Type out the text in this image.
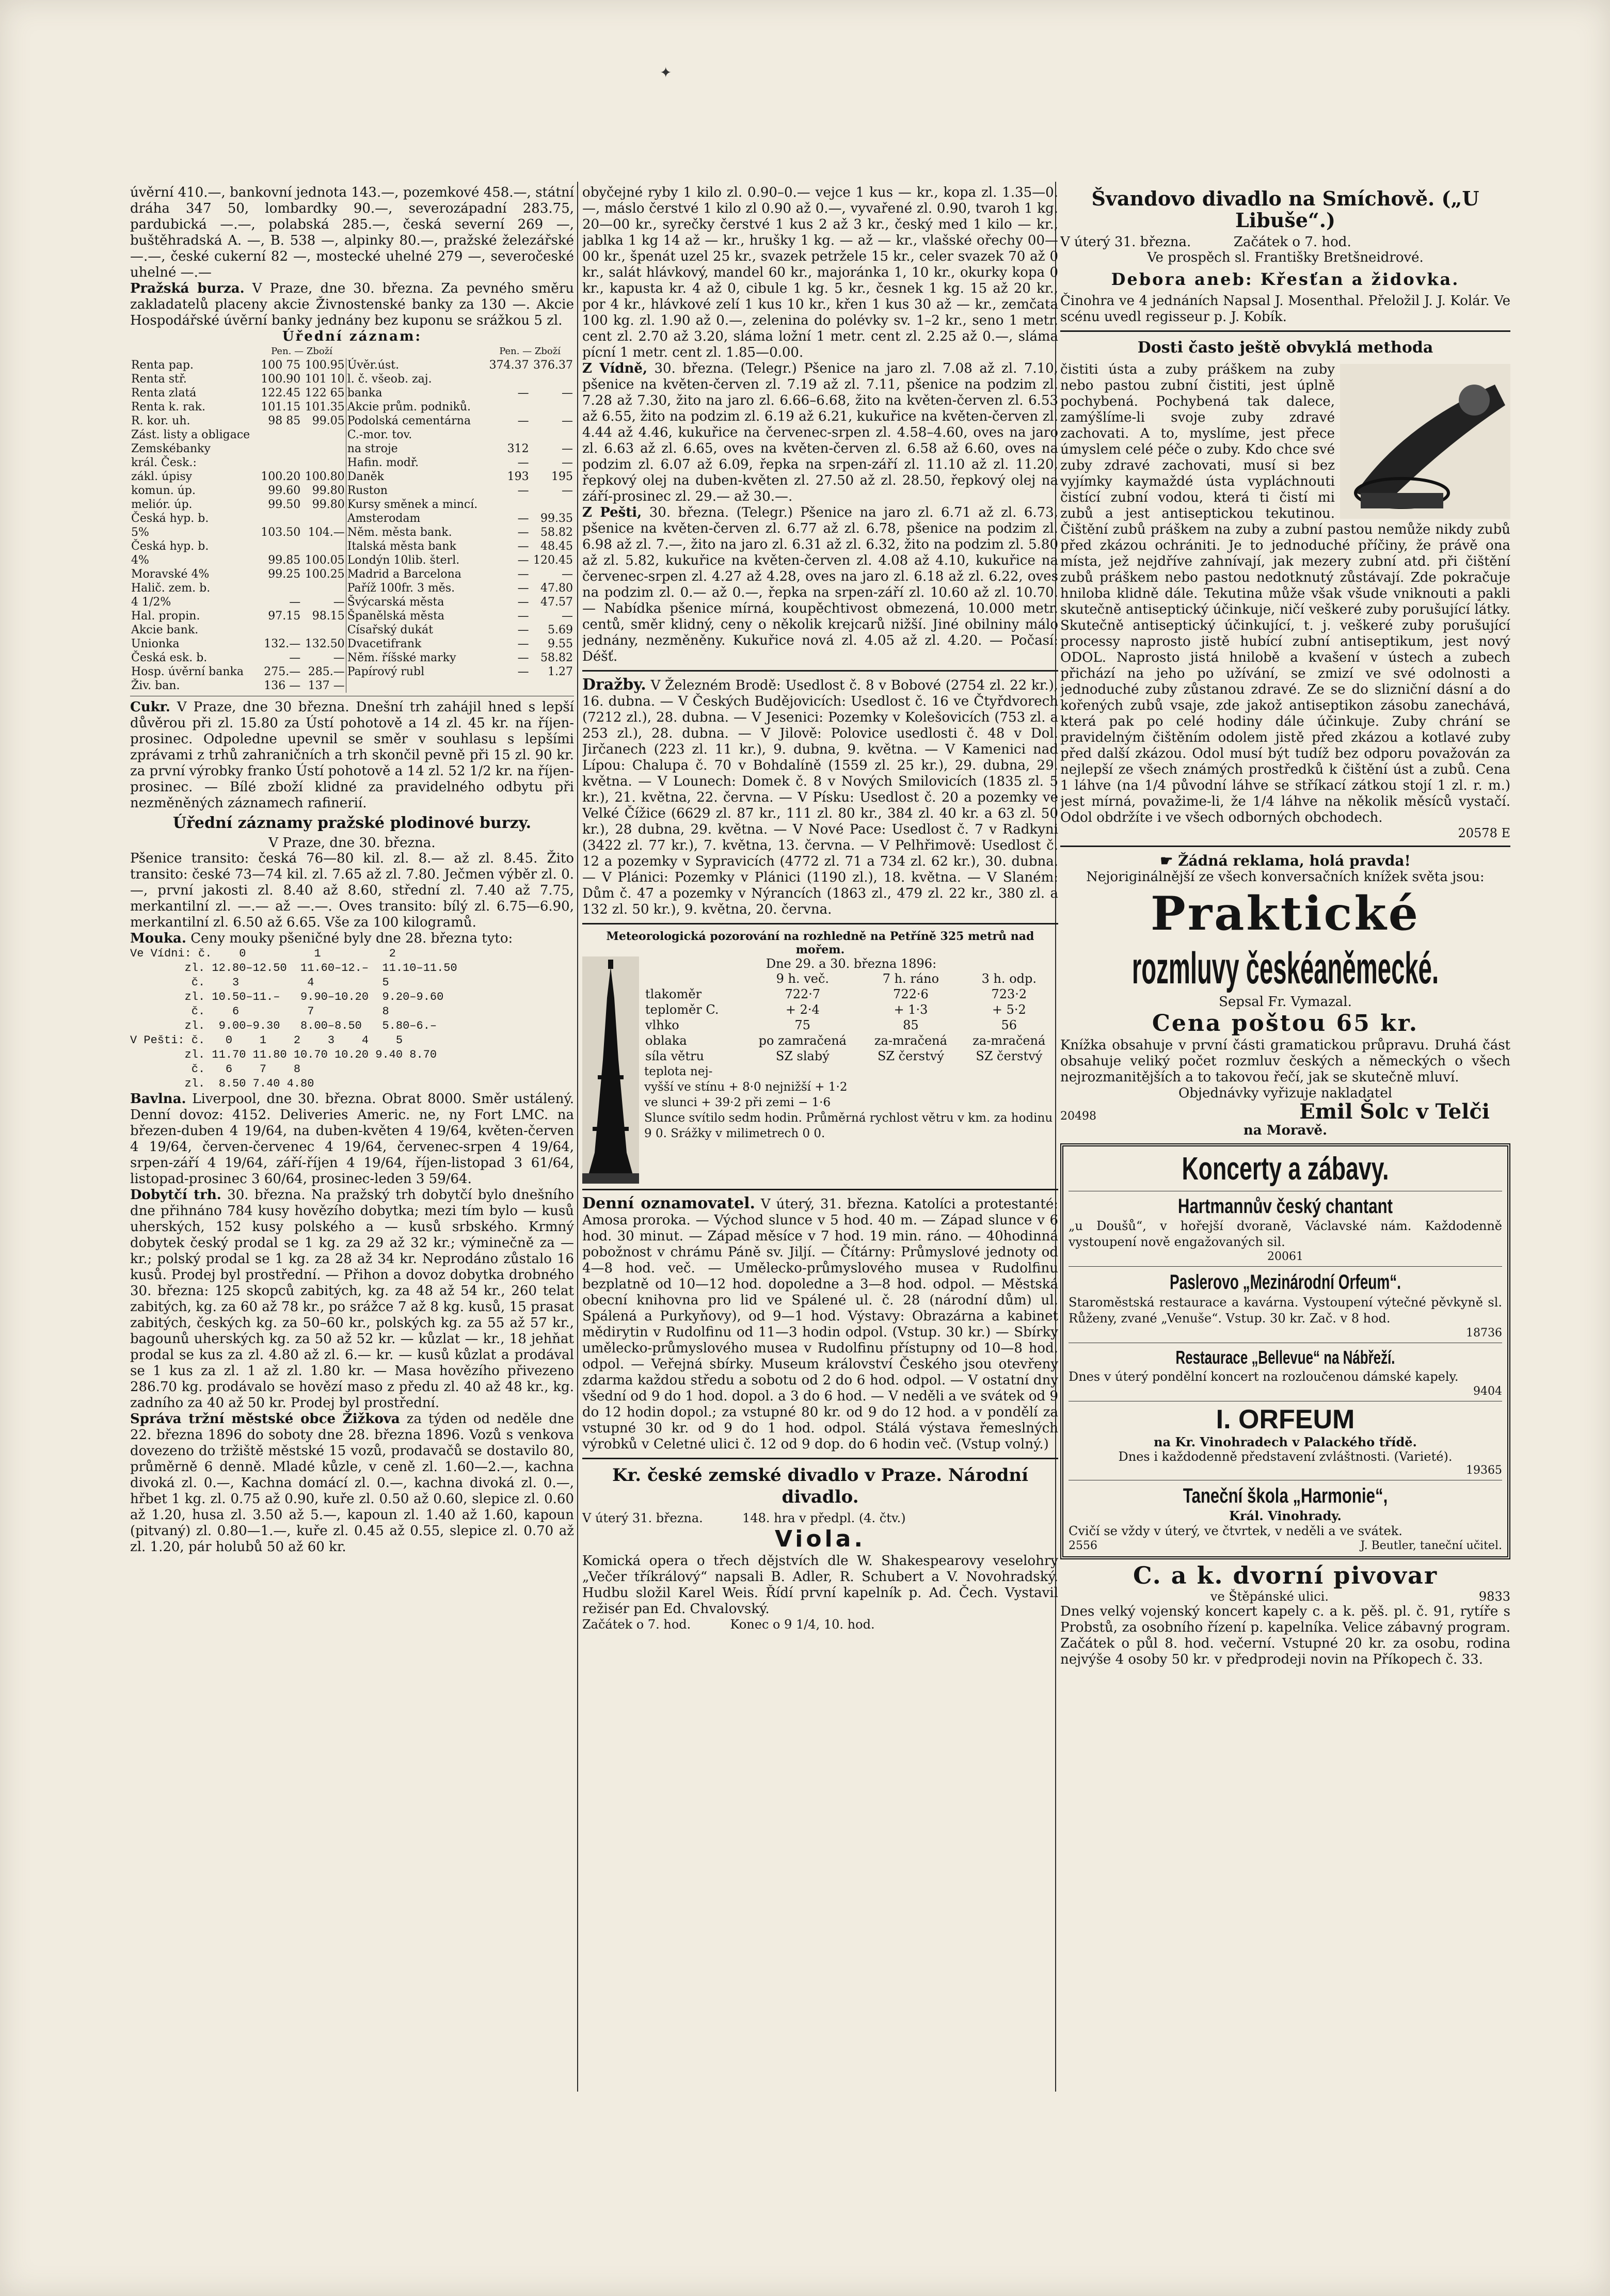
✦

úvěrní 410.—, bankovní jednota 143.—, pozemkové 458.—, státní dráha 347 50, lombardky 90.—, severozápadní 283.75, pardubická —.—, polabská 285.—, česká severní 269 —, buštěhradská A. —, B. 538 —, alpinky 80.—, pražské železářské —.—, české cukerní 82 —, mostecké uhelné 279 —, severočeské uhelné —.—

Pražská burza. V Praze, dne 30. března. Za pevného směru zakladatelů placeny akcie Živnostenské banky za 130 —. Akcie Hospodářské úvěrní banky jednány bez kuponu se srážkou 5 zl.

Úřední záznam:
	Pen. — Zboží			Pen. — Zboží	
Renta pap.	100 75	100.95	Úvěr.úst.	374.37	376.37
Renta stř.	100.90	101 10	l. č. všeob. zaj.		
Renta zlatá	122.45	122 65	banka	—	—
Renta k. rak.	101.15	101.35	Akcie prům. podniků.		
R. kor. uh.	98 85	99.05	Podolská cementárna	—	—
Zást. listy a obligace			C.-mor. tov.		
Zemskébanky			na stroje	312	—
král. Česk.:			Hafin. modř.	—	—
zákl. úpisy	100.20	100.80	Daněk	193	195
komun. úp.	99.60	99.80	Ruston	—	—
meliór. úp.	99.50	99.80	Kursy směnek a mincí.		
Česká hyp. b.			Amsterodam	—	99.35
5%	103.50	104.—	Něm. města bank.	—	58.82
Česká hyp. b.			Italská města bank	—	48.45
4%	99.85	100.05	Londýn 10lib. šterl.	—	120.45
Moravské 4%	99.25	100.25	Madrid a Barcelona	—	—
Halič. zem. b.			Paříž 100fr. 3 měs.	—	47.80
4 1/2%	—	—	Švýcarská města	—	47.57
Hal. propin.	97.15	98.15	Španělská města	—	—
Akcie bank.			Císařský dukát	—	5.69
Unionka	132.—	132.50	Dvacetifrank	—	9.55
Česká esk. b.	—	—	Něm. říšské marky	—	58.82
Hosp. úvěrní banka	275.—	285.—	Papírový rubl	—	1.27
Živ. ban.	136 —	137 —			

Cukr. V Praze, dne 30 března. Dnešní trh zahájil hned s lepší důvěrou při zl. 15.80 za Ústí pohotově a 14 zl. 45 kr. na říjen-prosinec. Odpoledne upevnil se směr v souhlasu s lepšími zprávami z trhů zahraničních a trh skončil pevně při 15 zl. 90 kr. za první výrobky franko Ústí pohotově a 14 zl. 52 1/2 kr. na říjen-prosinec. — Bílé zboží klidné za pravidelného odbytu při nezměněných záznamech rafinerií.

Úřední záznamy pražské plodinové burzy.
V Praze, dne 30. března.

Pšenice transito: česká 76—80 kil. zl. 8.— až zl. 8.45. Žito transito: české 73—74 kil. zl. 7.65 až zl. 7.80. Ječmen výběr zl. 0.—, první jakosti zl. 8.40 až 8.60, střední zl. 7.40 až 7.75, merkantilní zl. —.— až —.—. Oves transito: bílý zl. 6.75—6.90, merkantilní zl. 6.50 až 6.65. Vše za 100 kilogramů.

Mouka. Ceny mouky pšeničné byly dne 28. března tyto:

Ve Vídni: č.    0          1          2
zl. 12.80–12.50  11.60–12.–  11.10–11.50
č.    3          4          5
zl. 10.50–11.–   9.90–10.20  9.20–9.60
č.    6          7          8
zl.  9.00–9.30   8.00–8.50   5.80–6.–
V Pešti: č.   0    1    2    3    4    5
zl. 11.70 11.80 10.70 10.20 9.40 8.70
č.   6    7    8
zl.  8.50 7.40 4.80

Bavlna. Liverpool, dne 30. března. Obrat 8000. Směr ustálený. Denní dovoz: 4152. Deliveries Americ. ne, ny Fort LMC. na březen-duben 4 19/64, na duben-květen 4 19/64, květen-červen 4 19/64, červen-červenec 4 19/64, červenec-srpen 4 19/64, srpen-září 4 19/64, září-říjen 4 19/64, říjen-listopad 3 61/64, listopad-prosinec 3 60/64, prosinec-leden 3 59/64.

Dobytčí trh. 30. března. Na pražský trh dobytčí bylo dnešního dne přihnáno 784 kusy hovězího dobytka; mezi tím bylo — kusů uherských, 152 kusy polského a — kusů srbského. Krmný dobytek český prodal se 1 kg. za 29 až 32 kr.; výminečně za — kr.; polský prodal se 1 kg. za 28 až 34 kr. Neprodáno zůstalo 16 kusů. Prodej byl prostřední. — Přihon a dovoz dobytka drobného 30. března: 125 skopců zabitých, kg. za 48 až 54 kr., 260 telat zabitých, kg. za 60 až 78 kr., po srážce 7 až 8 kg. kusů, 15 prasat zabitých, českých kg. za 50–60 kr., polských kg. za 55 až 57 kr., bagounů uherských kg. za 50 až 52 kr. — kůzlat — kr., 18 jehňat prodal se kus za zl. 4.80 až zl. 6.— kr. — kusů kůzlat a prodával se 1 kus za zl. 1 až zl. 1.80 kr. — Masa hovězího přivezeno 286.70 kg. prodávalo se hovězí maso z předu zl. 40 až 48 kr., kg. zadního za 40 až 50 kr. Prodej byl prostřední.

Správa tržní městské obce Žižkova za týden od neděle dne 22. března 1896 do soboty dne 28. března 1896. Vozů s venkova dovezeno do tržiště městské 15 vozů, prodavačů se dostavilo 80, průměrně 6 denně. Mladé kůzle, v ceně zl. 1.60—2.—, kachna divoká zl. 0.—, Kachna domácí zl. 0.—, kachna divoká zl. 0.—, hřbet 1 kg. zl. 0.75 až 0.90, kuře zl. 0.50 až 0.60, slepice zl. 0.60 až 1.20, husa zl. 3.50 až 5.—, kapoun zl. 1.40 až 1.60, kapoun (pitvaný) zl. 0.80—1.—, kuře zl. 0.45 až 0.55, slepice zl. 0.70 až zl. 1.20, pár holubů 50 až 60 kr.

obyčejné ryby 1 kilo zl. 0.90–0.— vejce 1 kus — kr., kopa zl. 1.35—0.—, máslo čerstvé 1 kilo zl 0.90 až 0.—, vyvařené zl. 0.90, tvaroh 1 kg. 20—00 kr., syrečky čerstvé 1 kus 2 až 3 kr., český med 1 kilo — kr., jablka 1 kg 14 až — kr., hrušky 1 kg. — až — kr., vlašské ořechy 00—00 kr., špenát uzel 25 kr., svazek petržele 15 kr., celer svazek 70 až 0 kr., salát hlávkový, mandel 60 kr., majoránka 1, 10 kr., okurky kopa 0 kr., kapusta kr. 4 až 0, cibule 1 kg. 5 kr., česnek 1 kg. 15 až 20 kr., por 4 kr., hlávkové zelí 1 kus 10 kr., křen 1 kus 30 až — kr., zemčata 100 kg. zl. 1.90 až 0.—, zelenina do polévky sv. 1–2 kr., seno 1 metr. cent zl. 2.70 až 3.20, sláma ložní 1 metr. cent zl. 2.25 až 0.—, sláma pícní 1 metr. cent zl. 1.85—0.00.

Z Vídně, 30. března. (Telegr.) Pšenice na jaro zl. 7.08 až zl. 7.10, pšenice na květen-červen zl. 7.19 až zl. 7.11, pšenice na podzim zl. 7.28 až 7.30, žito na jaro zl. 6.66–6.68, žito na květen-červen zl. 6.53 až 6.55, žito na podzim zl. 6.19 až 6.21, kukuřice na květen-červen zl. 4.44 až 4.46, kukuřice na červenec-srpen zl. 4.58–4.60, oves na jaro zl. 6.63 až zl. 6.65, oves na květen-červen zl. 6.58 až 6.60, oves na podzim zl. 6.07 až 6.09, řepka na srpen-září zl. 11.10 až zl. 11.20, řepkový olej na duben-květen zl. 27.50 až zl. 28.50, řepkový olej na září-prosinec zl. 29.— až 30.—.

Z Pešti, 30. března. (Telegr.) Pšenice na jaro zl. 6.71 až zl. 6.73, pšenice na květen-červen zl. 6.77 až zl. 6.78, pšenice na podzim zl. 6.98 až zl. 7.—, žito na jaro zl. 6.31 až zl. 6.32, žito na podzim zl. 5.80 až zl. 5.82, kukuřice na květen-červen zl. 4.08 až 4.10, kukuřice na červenec-srpen zl. 4.27 až 4.28, oves na jaro zl. 6.18 až zl. 6.22, oves na podzim zl. 0.— až 0.—, řepka na srpen-září zl. 10.60 až zl. 10.70. — Nabídka pšenice mírná, koupěchtivost obmezená, 10.000 metr. centů, směr klidný, ceny o několik krejcarů nižší. Jiné obilniny málo jednány, nezměněny. Kukuřice nová zl. 4.05 až zl. 4.20. — Počasí: Déšť.

Dražby. V Železném Brodě: Usedlost č. 8 v Bobové (2754 zl. 22 kr.), 16. dubna. — V Českých Budějovicích: Usedlost č. 16 ve Čtyřdvorech (7212 zl.), 28. dubna. — V Jesenici: Pozemky v Kolešovicích (753 zl. a 253 zl.), 28. dubna. — V Jilově: Polovice usedlosti č. 48 v Dol. Jirčanech (223 zl. 11 kr.), 9. dubna, 9. května. — V Kamenici nad Lípou: Chalupa č. 70 v Bohdalíně (1559 zl. 25 kr.), 29. dubna, 29. května. — V Lounech: Domek č. 8 v Nových Smilovicích (1835 zl. 5 kr.), 21. května, 22. června. — V Písku: Usedlost č. 20 a pozemky ve Velké Čížice (6629 zl. 87 kr., 111 zl. 80 kr., 384 zl. 40 kr. a 63 zl. 50 kr.), 28 dubna, 29. května. — V Nové Pace: Usedlost č. 7 v Radkyni (3422 zl. 77 kr.), 7. května, 13. června. — V Pelhřimově: Usedlost č. 12 a pozemky v Sypravicích (4772 zl. 71 a 734 zl. 62 kr.), 30. dubna. — V Plánici: Pozemky v Plánici (1190 zl.), 18. května. — V Slaném: Dům č. 47 a pozemky v Nýrancích (1863 zl., 479 zl. 22 kr., 380 zl. a 132 zl. 50 kr.), 9. května, 20. června.

Meteorologická pozorování na rozhledně na Petříně 325 metrů nad mořem.
Dne 29. a 30. března 1896:
	9 h. več.	7 h. ráno	3 h. odp.
tlakoměr	722·7	722·6	723·2
teploměr C.	+ 2·4	+ 1·3	+ 5·2
vlhko	75	85	56
oblaka	po zamračená	za-mračená	za-mračená
síla větru	SZ slabý	SZ čerstvý	SZ čerstvý
teplota nej-
vyšší ve stínu + 8·0 nejnižší + 1·2
ve slunci + 39·2 při zemi − 1·6
Slunce svítilo sedm hodin. Průměrná rychlost větru v km. za hodinu 9 0. Srážky v milimetrech 0 0.

Denní oznamovatel. V úterý, 31. března. Katolíci a protestanté: Amosa proroka. — Východ slunce v 5 hod. 40 m. — Západ slunce v 6 hod. 30 minut. — Západ měsíce v 7 hod. 19 min. ráno. — 40hodinná pobožnost v chrámu Páně sv. Jiljí. — Čítárny: Průmyslové jednoty od 4—8 hod. več. — Umělecko-průmyslového musea v Rudolfinu bezplatně od 10—12 hod. dopoledne a 3—8 hod. odpol. — Městská obecní knihovna pro lid ve Spálené ul. č. 28 (národní dům) ul. Spálená a Purkyňovy), od 9—1 hod. Výstavy: Obrazárna a kabinet mědirytin v Rudolfinu od 11—3 hodin odpol. (Vstup. 30 kr.) — Sbírky umělecko-průmyslového musea v Rudolfinu přístupny od 10—8 hod. odpol. — Veřejná sbírky. Museum království Českého jsou otevřeny zdarma každou středu a sobotu od 2 do 6 hod. odpol. — V ostatní dny všední od 9 do 1 hod. dopol. a 3 do 6 hod. — V neděli a ve svátek od 9 do 12 hodin dopol.; za vstupné 80 kr. od 9 do 12 hod. a v pondělí za vstupné 30 kr. od 9 do 1 hod. odpol. Stálá výstava řemeslných výrobků v Celetné ulici č. 12 od 9 dop. do 6 hodin več. (Vstup volný.)

Kr. české zemské divadlo v Praze. Národní divadlo.
V úterý 31. března.          148. hra v předpl. (4. čtv.)
Viola.

Komická opera o třech dějstvích dle W. Shakespearovy veselohry „Večer tříkrálový“ napsali B. Adler, R. Schubert a V. Novohradský. Hudbu složil Karel Weis. Řídí první kapelník p. Ad. Čech. Vystavil režisér pan Ed. Chvalovský.

Začátek o 7. hod.          Konec o 9 1/4, 10. hod.
Švandovo divadlo na Smíchově. („U Libuše“.)
V úterý 31. března.          Začátek o 7. hod.
Ve prospěch sl. Františky Bretšneidrové.
Debora aneb: Křesťan a židovka.

Činohra ve 4 jednáních Napsal J. Mosenthal. Přeložil J. J. Kolár. Ve scénu uvedl regisseur p. J. Kobík.

Dosti často ještě obvyklá methoda

čistiti ústa a zuby práškem na zuby nebo pastou zubní čistiti, jest úplně pochybená. Pochybená tak dalece, zamýšlíme-li svoje zuby zdravé zachovati. A to, myslíme, jest přece úmyslem celé péče o zuby. Kdo chce své zuby zdravé zachovati, musí si bez vyjímky kaymaždé ústa vypláchnouti čistící zubní vodou, která ti čistí mi zubů a jest antiseptickou tekutinou. Čištění zubů práškem na zuby a zubní pastou nemůže nikdy zubů před zkázou ochrániti. Je to jednoduché příčiny, že právě ona místa, jež nejdříve zahnívají, jak mezery zubní atd. při čištění zubů práškem nebo pastou nedotknutý zůstávají. Zde pokračuje hniloba klidně dále. Tekutina může však všude vniknouti a pakli skutečně antiseptický účinkuje, ničí veškeré zuby porušující látky. Skutečně antiseptický účinkující, t. j. veškeré zuby porušující processy naprosto jistě hubící zubní antiseptikum, jest nový ODOL. Naprosto jistá hnilobě a kvašení v ústech a zubech přichází na jeho po užívání, se zmizí ve své odolnosti a jednoduché zuby zůstanou zdravé. Ze se do slizniční dásní a do kořených zubů vsaje, zde jakož antiseptikon zásobu zanechává, která pak po celé hodiny dále účinkuje. Zuby chrání se pravidelným čištěním odolem jistě před zkázou a kotlavé zuby před další zkázou. Odol musí být tudíž bez odporu považován za nejlepší ze všech známých prostředků k čištění úst a zubů. Cena 1 láhve (na 1/4 původní láhve se stříkací zátkou stojí 1 zl. r. m.) jest mírná, považime-li, že 1/4 láhve na několik měsíců vystačí. Odol obdržíte i ve všech odborných obchodech.

20578 E
☛ Žádná reklama, holá pravda!
Nejoriginálnější ze všech konversačních knížek světa jsou:
Praktické
rozmluvy českéaněmecké.
Sepsal Fr. Vymazal.
Cena poštou 65 kr.

Knížka obsahuje v první části gramatickou průpravu. Druhá část obsahuje veliký počet rozmluv českých a německých o všech nejrozmanitějších a to takovou řečí, jak se skutečně mluví.

Objednávky vyřizuje nakladatel
20498	Emil Šolc v Telči
na Moravě.
Koncerty a zábavy.
Hartmannův český chantant

„u Doušů“, v hořejší dvoraně, Václavské nám. Každodenně vystoupení nově engažovaných sil.

20061
Paslerovo „Mezinárodní Orfeum“.

Staroměstská restaurace a kavárna. Vystoupení výtečné pěvkyně sl. Růženy, zvané „Venuše“. Vstup. 30 kr. Zač. v 8 hod.

18736
Restaurace „Bellevue“ na Nábřeží.

Dnes v úterý pondělní koncert na rozloučenou dámské kapely.

9404
I. ORFEUM
na Kr. Vinohradech v Palackého třídě.
Dnes i každodenně představení zvláštnosti. (Varieté).
19365
Taneční škola „Harmonie“,
Král. Vinohrady.

Cvičí se vždy v úterý, ve čtvrtek, v neděli a ve svátek.

2556	J. Beutler, taneční učitel.
C. a k. dvorní pivovar
ve Štěpánské ulici.	9833

Dnes velký vojenský koncert kapely c. a k. pěš. pl. č. 91, rytíře s Probstů, za osobního řízení p. kapelníka. Velice zábavný program. Začátek o půl 8. hod. večerní. Vstupné 20 kr. za osobu, rodina nejvýše 4 osoby 50 kr. v předprodeji novin na Příkopech č. 33.
